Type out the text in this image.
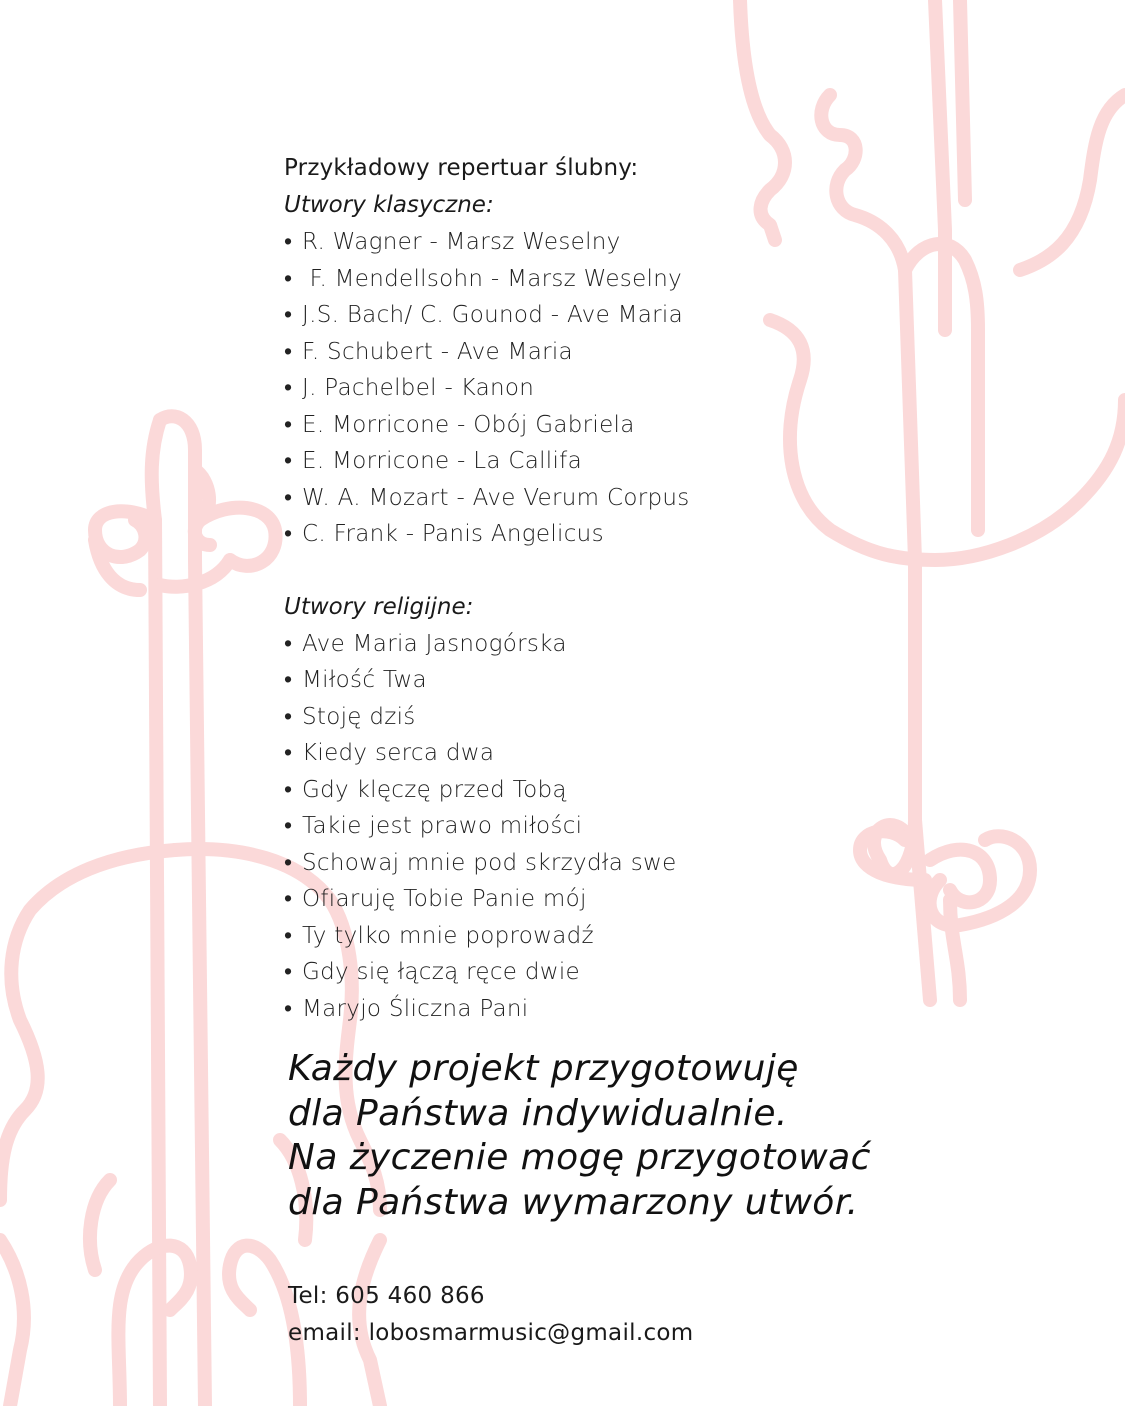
Przykładowy repertuar ślubny:
Utwory klasyczne:
• R. Wagner - Marsz Weselny
• F. Mendellsohn - Marsz Weselny
• J.S. Bach/ C. Gounod - Ave Maria
• F. Schubert - Ave Maria
• J. Pachelbel - Kanon
• E. Morricone - Obój Gabriela
• E. Morricone - La Callifa
• W. A. Mozart - Ave Verum Corpus
• C. Frank - Panis Angelicus
Utwory religijne:
• Ave Maria Jasnogórska
• Miłość Twa
• Stoję dziś
• Kiedy serca dwa
• Gdy klęczę przed Tobą
• Takie jest prawo miłości
• Schowaj mnie pod skrzydła swe
• Ofiaruję Tobie Panie mój
• Ty tylko mnie poprowadź
• Gdy się łączą ręce dwie
• Maryjo Śliczna Pani
Każdy projekt przygotowuję
dla Państwa indywidualnie.
Na życzenie mogę przygotować
dla Państwa wymarzony utwór.
Tel: 605 460 866
email: lobosmarmusic@gmail.com
